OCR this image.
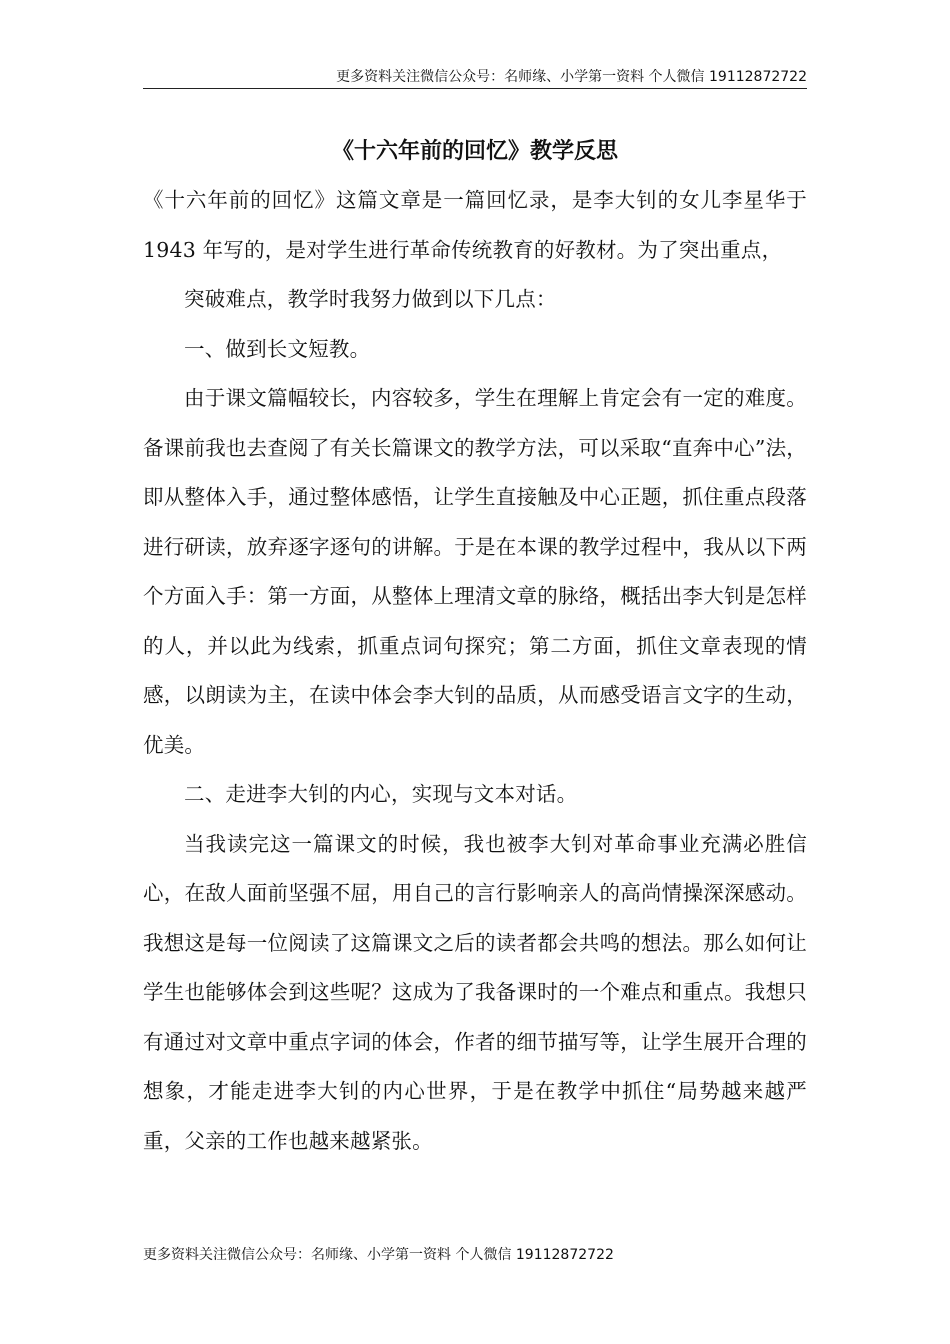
更多资料关注微信公众号：名师缘、小学第一资料 个人微信 19112872722
《十六年前的回忆》教学反思

《十六年前的回忆》这篇文章是一篇回忆录，是李大钊的女儿李星华于 1943 年写的，是对学生进行革命传统教育的好教材。为了突出重点，

突破难点，教学时我努力做到以下几点：

一、做到长文短教。

由于课文篇幅较长，内容较多，学生在理解上肯定会有一定的难度。备课前我也去查阅了有关长篇课文的教学方法，可以采取“直奔中心”法，即从整体入手，通过整体感悟，让学生直接触及中心正题，抓住重点段落进行研读，放弃逐字逐句的讲解。于是在本课的教学过程中，我从以下两个方面入手：第一方面，从整体上理清文章的脉络，概括出李大钊是怎样的人，并以此为线索，抓重点词句探究；第二方面，抓住文章表现的情感，以朗读为主，在读中体会李大钊的品质，从而感受语言文字的生动，优美。

二、走进李大钊的内心，实现与文本对话。

当我读完这一篇课文的时候，我也被李大钊对革命事业充满必胜信心，在敌人面前坚强不屈，用自己的言行影响亲人的高尚情操深深感动。我想这是每一位阅读了这篇课文之后的读者都会共鸣的想法。那么如何让学生也能够体会到这些呢？这成为了我备课时的一个难点和重点。我想只有通过对文章中重点字词的体会，作者的细节描写等，让学生展开合理的想象，才能走进李大钊的内心世界，于是在教学中抓住“局势越来越严重，父亲的工作也越来越紧张。

更多资料关注微信公众号：名师缘、小学第一资料 个人微信 19112872722
